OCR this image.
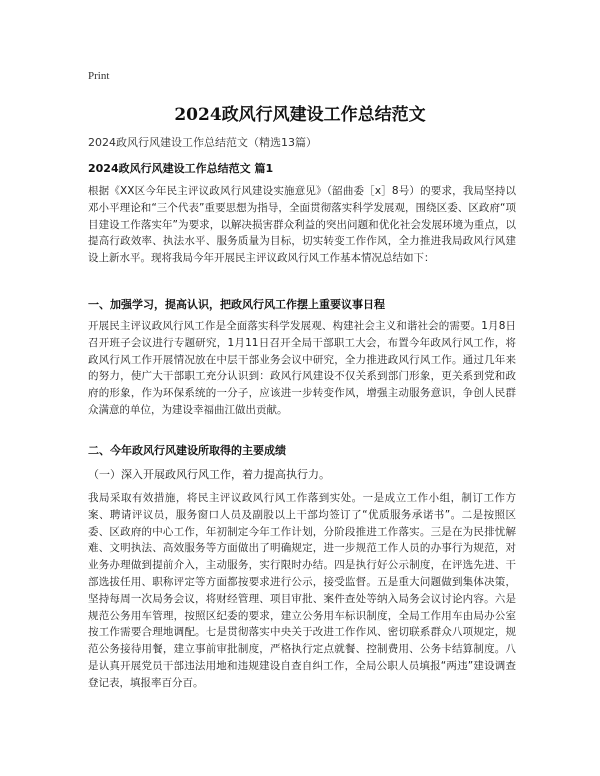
Print
2024政风行风建设工作总结范文
2024政风行风建设工作总结范文（精选13篇）
2024政风行风建设工作总结范文 篇1
根据《XX区今年民主评议政风行风建设实施意见》（韶曲委［x］8号）的要求，我局坚持以邓小平理论和“三个代表”重要思想为指导，全面贯彻落实科学发展观，围绕区委、区政府“项目建设工作落实年”为要求，以解决损害群众利益的突出问题和优化社会发展环境为重点，以提高行政效率、执法水平、服务质量为目标，切实转变工作作风，全力推进我局政风行风建设上新水平。现将我局今年开展民主评议政风行风工作基本情况总结如下：
一、加强学习，提高认识，把政风行风工作摆上重要议事日程
开展民主评议政风行风工作是全面落实科学发展观、构建社会主义和谐社会的需要。1月8日召开班子会议进行专题研究，1月11日召开全局干部职工大会，布置今年政风行风工作，将政风行风工作开展情况放在中层干部业务会议中研究，全力推进政风行风工作。通过几年来的努力，使广大干部职工充分认识到：政风行风建设不仅关系到部门形象，更关系到党和政府的形象，作为环保系统的一分子，应该进一步转变作风，增强主动服务意识，争创人民群众满意的单位，为建设幸福曲江做出贡献。
二、今年政风行风建设所取得的主要成绩
（一）深入开展政风行风工作，着力提高执行力。
我局采取有效措施，将民主评议政风行风工作落到实处。一是成立工作小组，制订工作方案、聘请评议员，服务窗口人员及副股以上干部均签订了“优质服务承诺书”。二是按照区委、区政府的中心工作，年初制定今年工作计划，分阶段推进工作落实。三是在为民排忧解难、文明执法、高效服务等方面做出了明确规定，进一步规范工作人员的办事行为规范，对业务办理做到提前介入，主动服务，实行限时办结。四是执行好公示制度，在评选先进、干部选拔任用、职称评定等方面都按要求进行公示，接受监督。五是重大问题做到集体决策，坚持每周一次局务会议，将财经管理、项目审批、案件查处等纳入局务会议讨论内容。六是规范公务用车管理，按照区纪委的要求，建立公务用车标识制度，全局工作用车由局办公室按工作需要合理地调配。七是贯彻落实中央关于改进工作作风、密切联系群众八项规定，规范公务接待用餐，建立事前审批制度，严格执行定点就餐、控制费用、公务卡结算制度。八是认真开展党员干部违法用地和违规建设自查自纠工作，全局公职人员填报“两违”建设调查登记表，填报率百分百。
